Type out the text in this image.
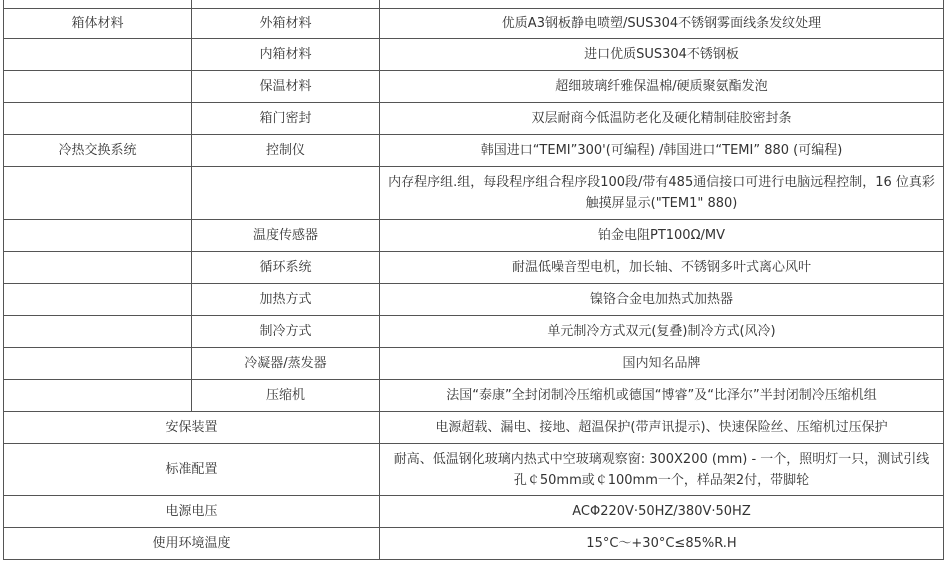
箱体材料	外箱材料	优质A3钢板静电喷塑/SUS304不锈钢雾面线条发纹处理
	内箱材料	进口优质SUS304不锈钢板
	保温材料	超细玻璃纤雅保温棉/硬质聚氨酯发泡
	箱门密封	双层耐商今低温防老化及硬化精制硅胶密封条
冷热交换系统	控制仪	韩国进口“TEMI”300'(可编程) /韩国进口“TEMI” 880 (可编程)
		内存程序组.组，每段程序组合程序段100段/带有485通信接口可进行电脑远程控制，16 位真彩触摸屏显示("TEM1" 880)
	温度传感器	铂金电阻PT100Ω/MV
	循环系统	耐温低噪音型电机，加长轴、不锈钢多叶式离心风叶
	加热方式	镍铬合金电加热式加热器
	制冷方式	单元制冷方式双元(复叠)制冷方式(风冷)
	冷凝器/蒸发器	国内知名品牌
	压缩机	法国“泰康”全封闭制冷压缩机或德国“博睿”及“比泽尔”半封闭制冷压缩机组
安保装置		电源超载、漏电、接地、超温保护(带声讯提示)、快速保险丝、压缩机过压保护
标准配置		耐高、低温钢化玻璃内热式中空玻璃观察窗: 300X200 (mm) - 一个，照明灯一只，测试引线孔￠50mm或￠100mm一个，样品架2付，带脚轮
电源电压		ACΦ220V·50HZ/380V·50HZ
使用环境温度		15°C～+30°C≤85%R.H
